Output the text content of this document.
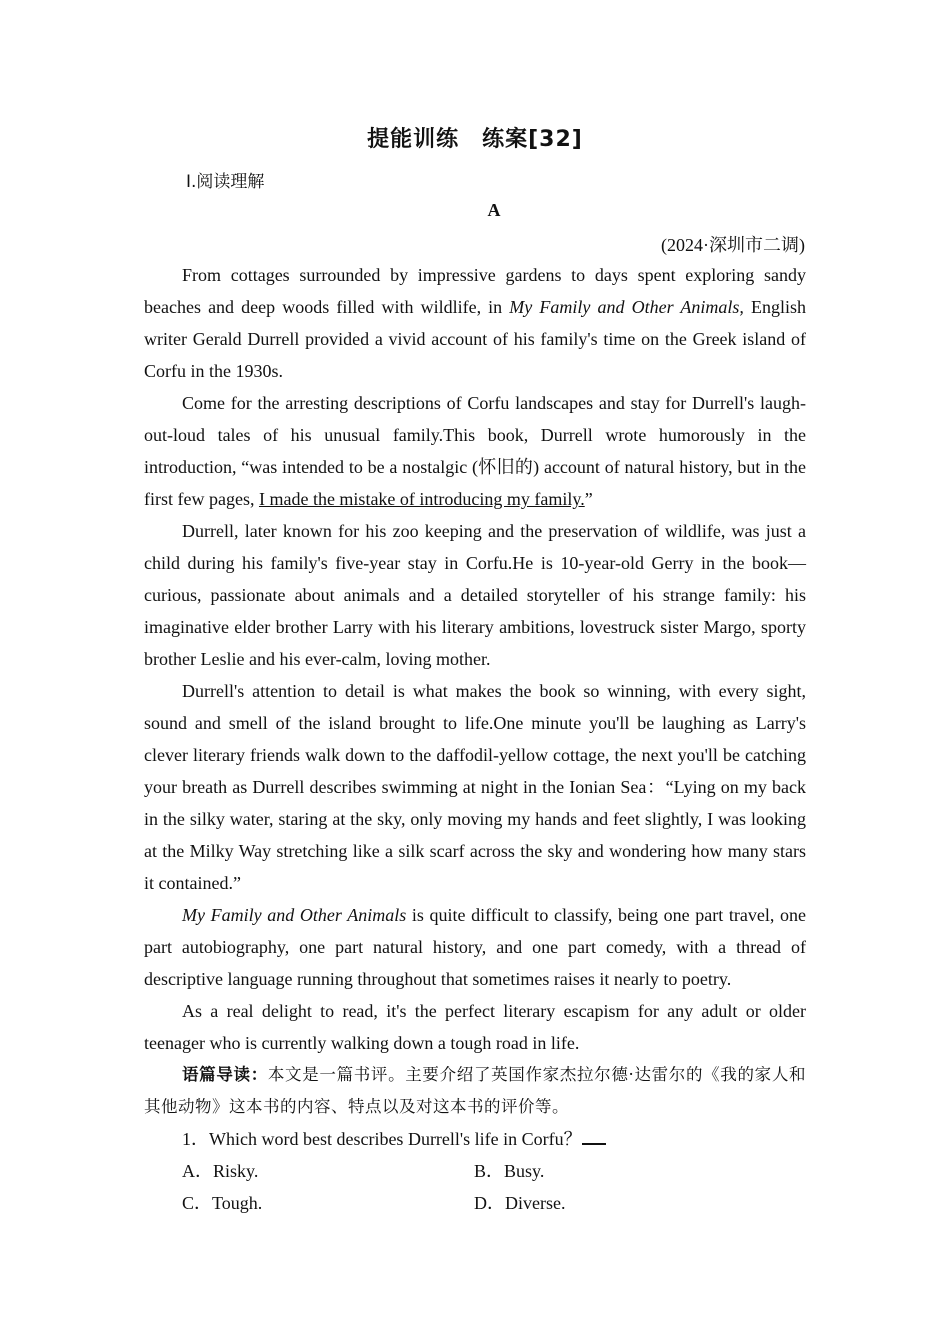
提能训练　练案[32]
Ⅰ.阅读理解
A
(2024·深圳市二调)

From cottages surrounded by impressive gardens to days spent exploring sandy beaches and deep woods filled with wildlife, in My Family and Other Animals, English writer Gerald Durrell provided a vivid account of his family's time on the Greek island of Corfu in the 1930s.

Come for the arresting descriptions of Corfu landscapes and stay for Durrell's laugh-out-loud tales of his unusual family.This book, Durrell wrote humorously in the introduction, “was intended to be a nostalgic (怀旧的) account of natural history, but in the first few pages, I made the mistake of introducing my family.”

Durrell, later known for his zoo keeping and the preservation of wildlife, was just a child during his family's five-year stay in Corfu.He is 10-year-old Gerry in the book—curious, passionate about animals and a detailed storyteller of his strange family: his imaginative elder brother Larry with his literary ambitions, lovestruck sister Margo, sporty brother Leslie and his ever-calm, loving mother.

Durrell's attention to detail is what makes the book so winning, with every sight, sound and smell of the island brought to life.One minute you'll be laughing as Larry's clever literary friends walk down to the daffodil-yellow cottage, the next you'll be catching your breath as Durrell describes swimming at night in the Ionian Sea：“Lying on my back in the silky water, staring at the sky, only moving my hands and feet slightly, I was looking at the Milky Way stretching like a silk scarf across the sky and wondering how many stars it contained.”

My Family and Other Animals is quite difficult to classify, being one part travel, one part autobiography, one part natural history, and one part comedy, with a thread of descriptive language running throughout that sometimes raises it nearly to poetry.

As a real delight to read, it's the perfect literary escapism for any adult or older teenager who is currently walking down a tough road in life.

语篇导读：本文是一篇书评。主要介绍了英国作家杰拉尔德·达雷尔的《我的家人和其他动物》这本书的内容、特点以及对这本书的评价等。

1．Which word best describes Durrell's life in Corfu？

A．Risky.	B．Busy.
C．Tough.	D．Diverse.
